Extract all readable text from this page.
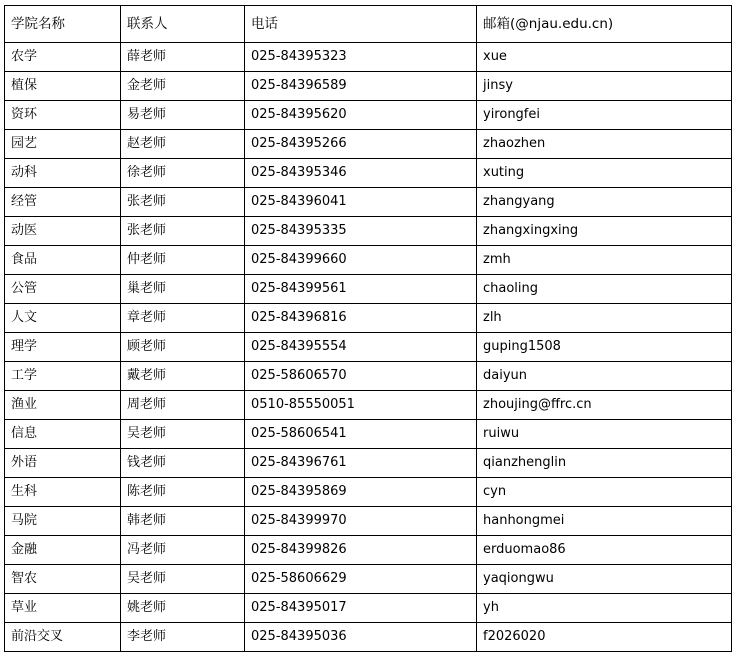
学院名称	联系人	电话	邮箱(@njau.edu.cn)
农学	薛老师	025-84395323	xue
植保	金老师	025-84396589	jinsy
资环	易老师	025-84395620	yirongfei
园艺	赵老师	025-84395266	zhaozhen
动科	徐老师	025-84395346	xuting
经管	张老师	025-84396041	zhangyang
动医	张老师	025-84395335	zhangxingxing
食品	仲老师	025-84399660	zmh
公管	巢老师	025-84399561	chaoling
人文	章老师	025-84396816	zlh
理学	顾老师	025-84395554	guping1508
工学	戴老师	025-58606570	daiyun
渔业	周老师	0510-85550051	zhoujing@ffrc.cn
信息	吴老师	025-58606541	ruiwu
外语	钱老师	025-84396761	qianzhenglin
生科	陈老师	025-84395869	cyn
马院	韩老师	025-84399970	hanhongmei
金融	冯老师	025-84399826	erduomao86
智农	吴老师	025-58606629	yaqiongwu
草业	姚老师	025-84395017	yh
前沿交叉	李老师	025-84395036	f2026020
